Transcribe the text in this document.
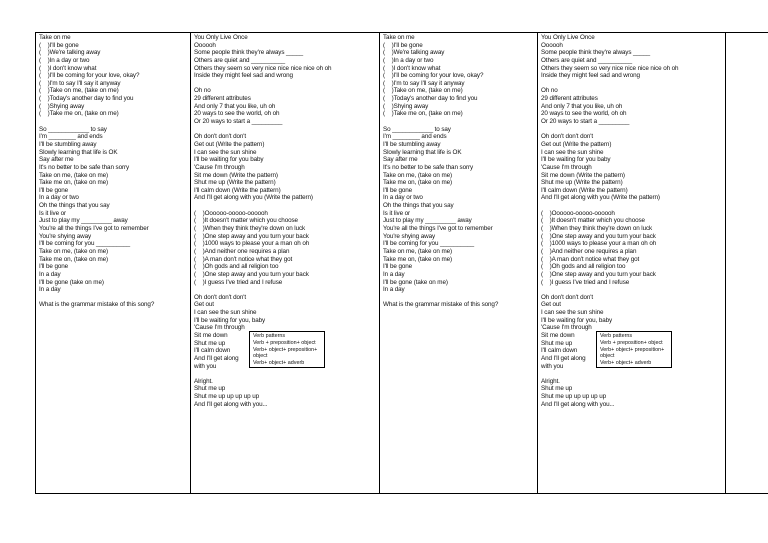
Take on me
(    )I'll be gone
(    )We're talking away
(    )In a day or two
(    )I don't know what
(    )I'll be coming for your love, okay?
(    )I'm to say I'll say it anyway
(    )Take on me, (take on me)
(    )Today's another day to find you
(    )Shying away
(    )Take me on, (take on me)
So ____________ to say
I'm ________ and ends
I'll be stumbling away
Slowly learning that life is OK
Say after me
It's no better to be safe than sorry
Take on me, (take on me)
Take me on, (take on me)
I'll be gone
In a day or two
Oh the things that you say
Is it live or
Just to play my _________ away
You're all the things I've got to remember
You're shying away
I'll be coming for you __________
Take on me, (take on me)
Take me on, (take on me)
I'll be gone
In a day
I'll be gone (take on me)
In a day
What is the grammar mistake of this song?
You Only Live Once
Oooooh
Some people think they're always _____
Others are quiet and __________
Others they seem so very nice nice nice nice oh oh
Inside they might feel sad and wrong
Oh no
29 different attributes
And only 7 that you like, uh oh
20 ways to see the world, oh oh
Or 20 ways to start a _________
Oh don't don't don't
Get out (Write the pattern)
I can see the sun shine
I'll be waiting for you baby
'Cause I'm through
Sit me down (Write the pattern)
Shut me up (Write the pattern)
I'll calm down (Write the pattern)
And I'll get along with you (Write the pattern)
(    )Oooooo-ooooo-oooooh
(    )It doesn't matter which you choose
(    )When they think they're down on luck
(    )One step away and you turn your back
(    )1000 ways to please your a man oh oh
(    )And neither one requires a plan
(    )A man don't notice what they got
(    )Oh gods and all religion too
(    )One step away and you turn your back
(    )I guess I've tried and I refuse
Oh don't don't don't
Get out
I can see the sun shine
I'll be waiting for you, baby
'Cause I'm through
Sit me down
Shut me up
I'll calm down
And I'll get along
with you
Alright.
Shut me up
Shut me up up up up up
And I'll get along with you...
Verb patterns
Verb + preposition+ object
Verb+ object+ preposition+
object
Verb+ object+ adverb
Take on me
(    )I'll be gone
(    )We're talking away
(    )In a day or two
(    )I don't know what
(    )I'll be coming for your love, okay?
(    )I'm to say I'll say it anyway
(    )Take on me, (take on me)
(    )Today's another day to find you
(    )Shying away
(    )Take me on, (take on me)
So ____________ to say
I'm ________ and ends
I'll be stumbling away
Slowly learning that life is OK
Say after me
It's no better to be safe than sorry
Take on me, (take on me)
Take me on, (take on me)
I'll be gone
In a day or two
Oh the things that you say
Is it live or
Just to play my _________ away
You're all the things I've got to remember
You're shying away
I'll be coming for you __________
Take on me, (take on me)
Take me on, (take on me)
I'll be gone
In a day
I'll be gone (take on me)
In a day
What is the grammar mistake of this song?
You Only Live Once
Oooooh
Some people think they're always _____
Others are quiet and __________
Others they seem so very nice nice nice nice oh oh
Inside they might feel sad and wrong
Oh no
29 different attributes
And only 7 that you like, uh oh
20 ways to see the world, oh oh
Or 20 ways to start a _________
Oh don't don't don't
Get out (Write the pattern)
I can see the sun shine
I'll be waiting for you baby
'Cause I'm through
Sit me down (Write the pattern)
Shut me up (Write the pattern)
I'll calm down (Write the pattern)
And I'll get along with you (Write the pattern)
(    )Oooooo-ooooo-oooooh
(    )It doesn't matter which you choose
(    )When they think they're down on luck
(    )One step away and you turn your back
(    )1000 ways to please your a man oh oh
(    )And neither one requires a plan
(    )A man don't notice what they got
(    )Oh gods and all religion too
(    )One step away and you turn your back
(    )I guess I've tried and I refuse
Oh don't don't don't
Get out
I can see the sun shine
I'll be waiting for you, baby
'Cause I'm through
Sit me down
Shut me up
I'll calm down
And I'll get along
with you
Alright.
Shut me up
Shut me up up up up up
And I'll get along with you...
Verb patterns
Verb + preposition+ object
Verb+ object+ preposition+
object
Verb+ object+ adverb
